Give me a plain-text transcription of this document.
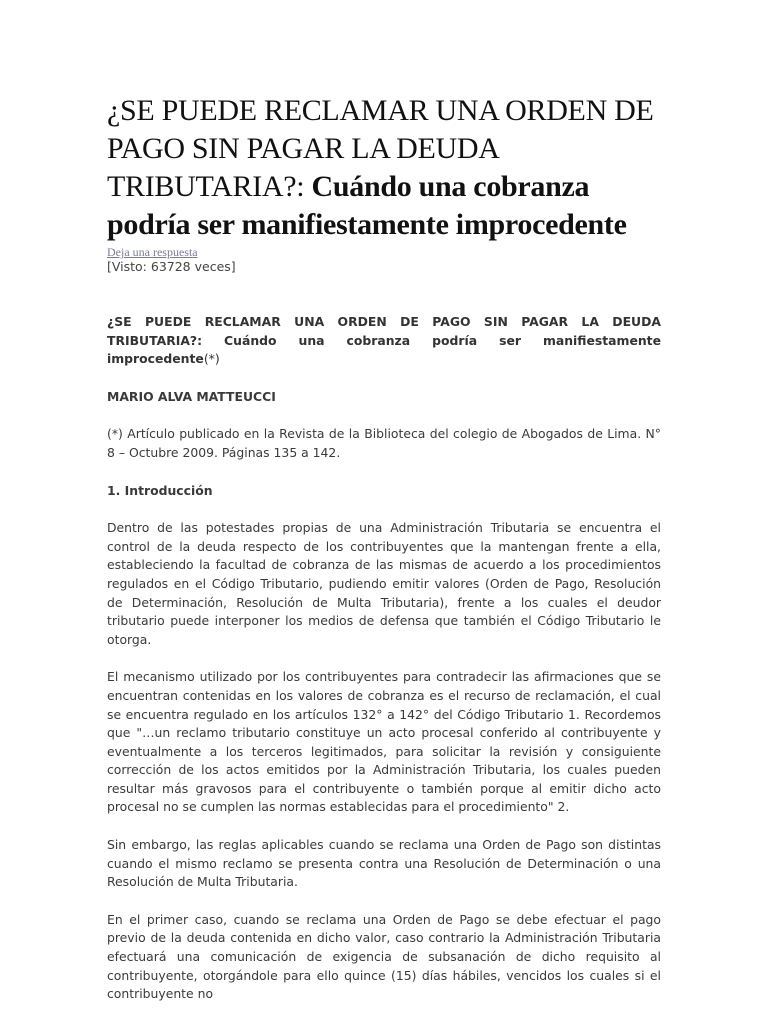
¿SE PUEDE RECLAMAR UNA ORDEN DE PAGO SIN PAGAR LA DEUDA TRIBUTARIA?: Cuándo una cobranza podría ser manifiestamente improcedente
Deja una respuesta
[Visto: 63728 veces]

¿SE PUEDE RECLAMAR UNA ORDEN DE PAGO SIN PAGAR LA DEUDA TRIBUTARIA?: Cuándo una cobranza podría ser manifiestamente improcedente(*)

MARIO ALVA MATTEUCCI

(*) Artículo publicado en la Revista de la Biblioteca del colegio de Abogados de Lima. N° 8 – Octubre 2009. Páginas 135 a 142.

1. Introducción

Dentro de las potestades propias de una Administración Tributaria se encuentra el control de la deuda respecto de los contribuyentes que la mantengan frente a ella, estableciendo la facultad de cobranza de las mismas de acuerdo a los procedimientos regulados en el Código Tributario, pudiendo emitir valores (Orden de Pago, Resolución de Determinación, Resolución de Multa Tributaria), frente a los cuales el deudor tributario puede interponer los medios de defensa que también el Código Tributario le otorga.

El mecanismo utilizado por los contribuyentes para contradecir las afirmaciones que se encuentran contenidas en los valores de cobranza es el recurso de reclamación, el cual se encuentra regulado en los artículos 132° a 142° del Código Tributario 1. Recordemos que "…un reclamo tributario constituye un acto procesal conferido al contribuyente y eventualmente a los terceros legitimados, para solicitar la revisión y consiguiente corrección de los actos emitidos por la Administración Tributaria, los cuales pueden resultar más gravosos para el contribuyente o también porque al emitir dicho acto procesal no se cumplen las normas establecidas para el procedimiento" 2.

Sin embargo, las reglas aplicables cuando se reclama una Orden de Pago son distintas cuando el mismo reclamo se presenta contra una Resolución de Determinación o una Resolución de Multa Tributaria.

En el primer caso, cuando se reclama una Orden de Pago se debe efectuar el pago previo de la deuda contenida en dicho valor, caso contrario la Administración Tributaria efectuará una comunicación de exigencia de subsanación de dicho requisito al contribuyente, otorgándole para ello quince (15) días hábiles, vencidos los cuales si el contribuyente no
